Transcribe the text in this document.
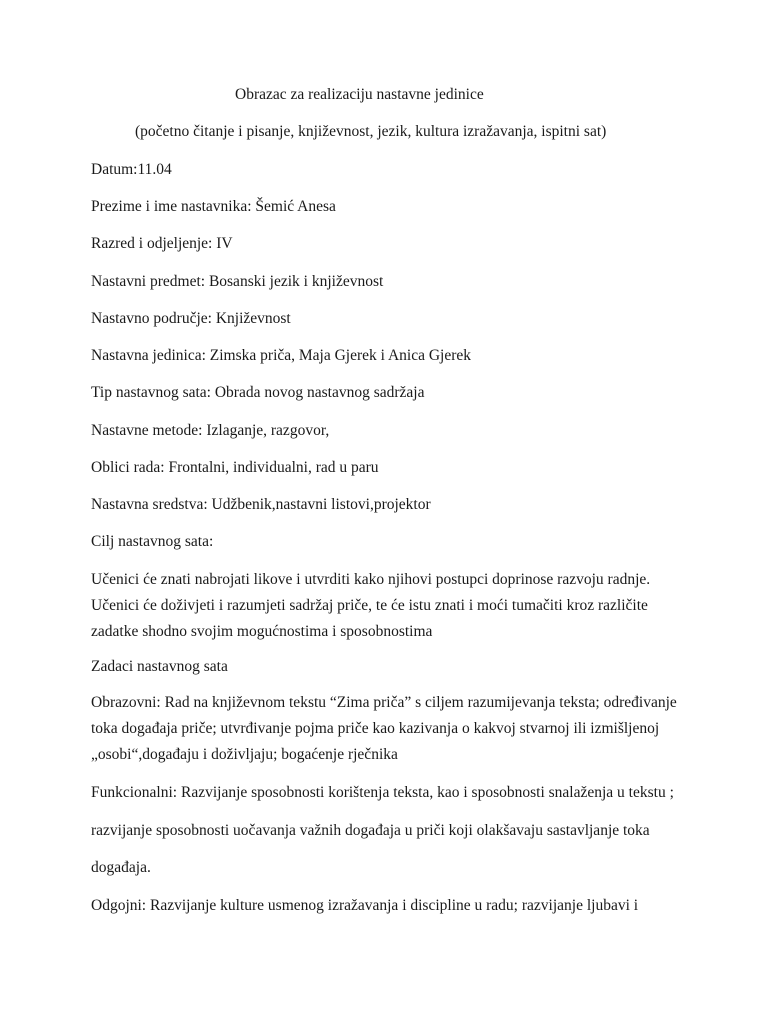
Obrazac za realizaciju nastavne jedinice
(početno čitanje i pisanje, književnost, jezik, kultura izražavanja, ispitni sat)
Datum:11.04
Prezime i ime nastavnika: Šemić Anesa
Razred i odjeljenje: IV
Nastavni predmet: Bosanski jezik i književnost
Nastavno područje: Književnost
Nastavna jedinica: Zimska priča, Maja Gjerek i Anica Gjerek
Tip nastavnog sata: Obrada novog nastavnog sadržaja
Nastavne metode: Izlaganje, razgovor,
Oblici rada: Frontalni, individualni, rad u paru
Nastavna sredstva: Udžbenik,nastavni listovi,projektor
Cilj nastavnog sata:
Učenici će znati nabrojati likove i utvrditi kako njihovi postupci doprinose razvoju radnje.
Učenici će doživjeti i razumjeti sadržaj priče, te će istu znati i moći tumačiti kroz različite
zadatke shodno svojim mogućnostima i sposobnostima
Zadaci nastavnog sata
Obrazovni: Rad na književnom tekstu “Zima priča” s ciljem razumijevanja teksta; određivanje
toka događaja priče; utvrđivanje pojma priče kao kazivanja o kakvoj stvarnoj ili izmišljenoj
„osobi“,događaju i doživljaju; bogaćenje rječnika
Funkcionalni: Razvijanje sposobnosti korištenja teksta, kao i sposobnosti snalaženja u tekstu ;
razvijanje sposobnosti uočavanja važnih događaja u priči koji olakšavaju sastavljanje toka
događaja.
Odgojni: Razvijanje kulture usmenog izražavanja i discipline u radu; razvijanje ljubavi i
